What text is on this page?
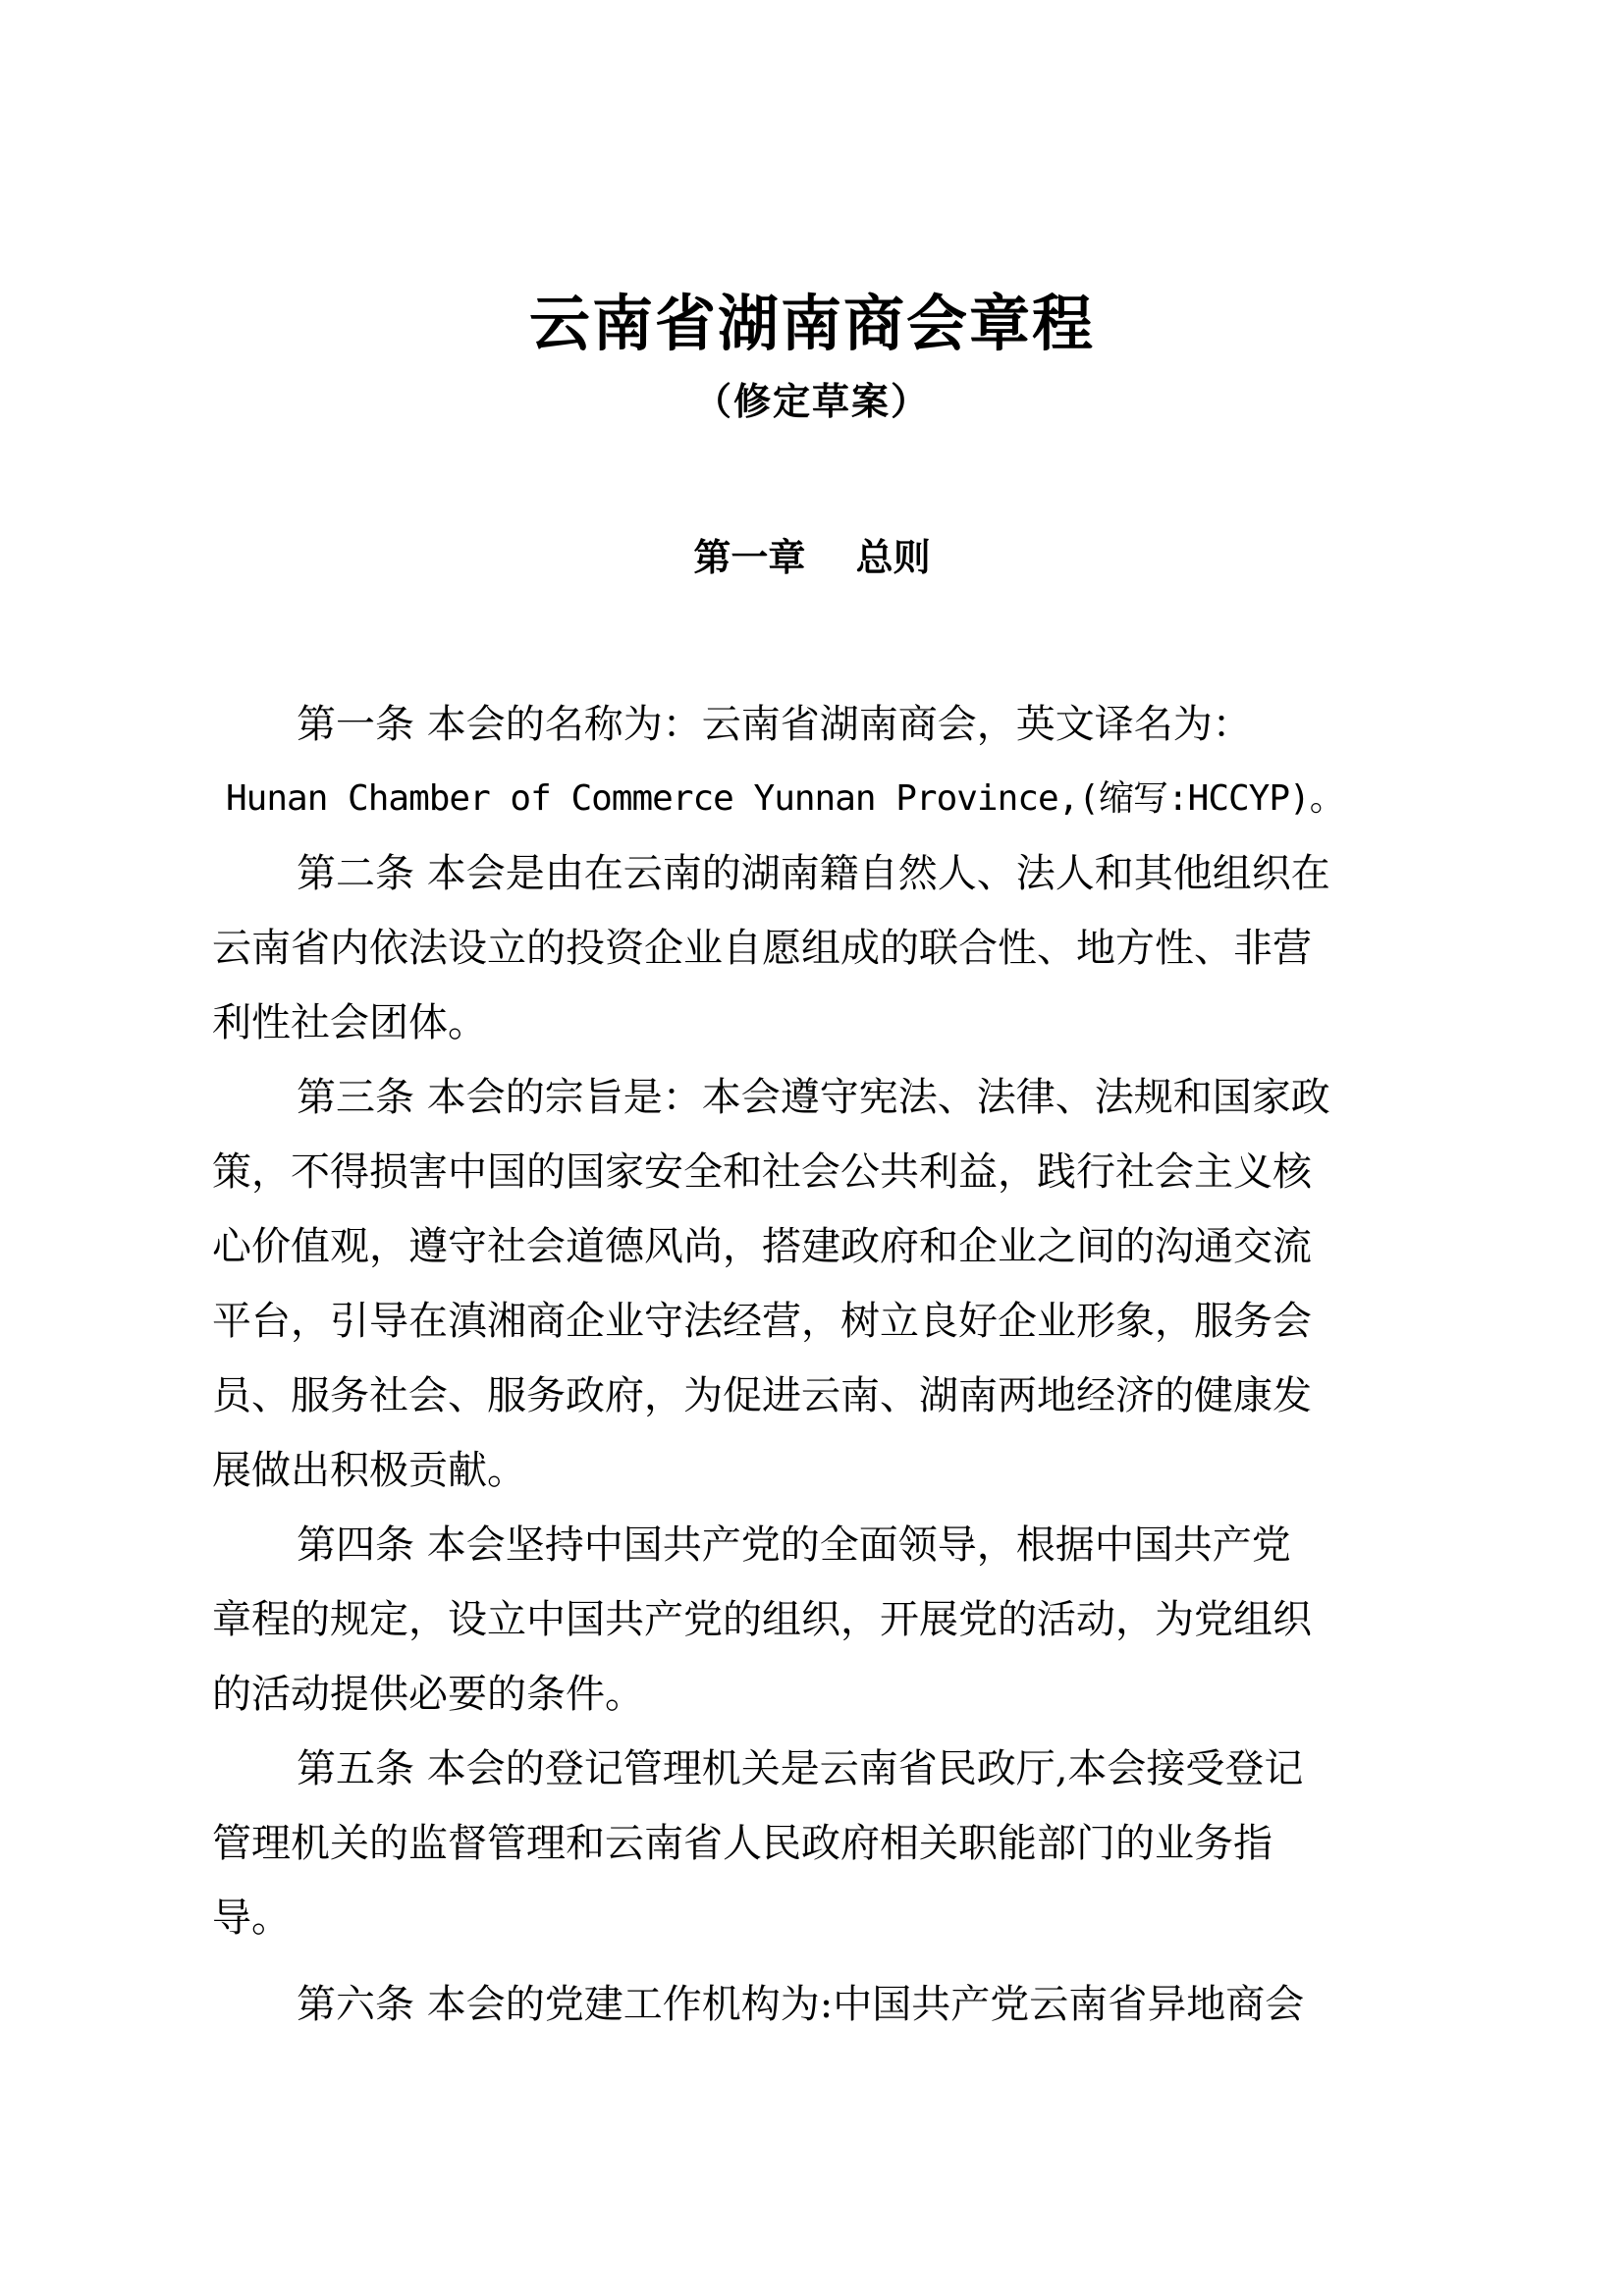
云南省湖南商会章程
（修定草案）
第一章　 总则
第一条 本会的名称为：云南省湖南商会，英文译名为：
Hunan Chamber of Commerce Yunnan Province,(缩写:HCCYP)。
第二条 本会是由在云南的湖南籍自然人、法人和其他组织在
云南省内依法设立的投资企业自愿组成的联合性、地方性、非营
利性社会团体。
第三条 本会的宗旨是：本会遵守宪法、法律、法规和国家政
策，不得损害中国的国家安全和社会公共利益，践行社会主义核
心价值观，遵守社会道德风尚，搭建政府和企业之间的沟通交流
平台，引导在滇湘商企业守法经营，树立良好企业形象，服务会
员、服务社会、服务政府，为促进云南、湖南两地经济的健康发
展做出积极贡献。
第四条 本会坚持中国共产党的全面领导，根据中国共产党
章程的规定，设立中国共产党的组织，开展党的活动，为党组织
的活动提供必要的条件。
第五条 本会的登记管理机关是云南省民政厅,本会接受登记
管理机关的监督管理和云南省人民政府相关职能部门的业务指
导。
第六条 本会的党建工作机构为:中国共产党云南省异地商会
